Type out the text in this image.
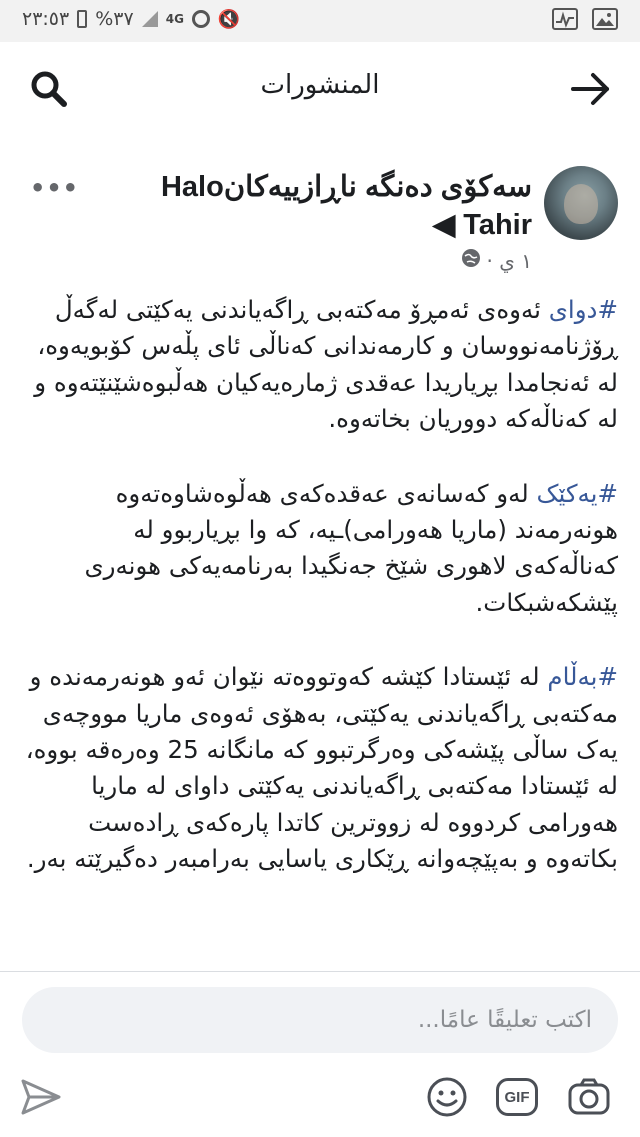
٢٣:٥٣ %٣٧	4G 🔇
المنشورات
سەکۆی دەنگە ناڕازییەکانHalo ◀ Tahir
١ ي ·
•••

#دوای ئەوەی ئەمڕۆ مەکتەبی ڕاگەیاندنی یەکێتی لەگەڵ ڕۆژنامەنووسان و کارمەندانی کەناڵی ئای پڵەس کۆبویەوە، لە ئەنجامدا بڕیاریدا عەقدی ژمارەیەکیان هەڵبوەشێنێتەوە و لە کەناڵەکە دووریان بخاتەوە.

#یەکێک لەو کەسانەی عەقدەکەی هەڵوەشاوەتەوە هونەرمەند (ماریا هەورامی)ـیە، کە وا بڕیاربوو لە کەناڵەکەی لاهوری شێخ جەنگیدا بەرنامەیەکی هونەری پێشکەشبکات.

#بەڵام لە ئێستادا کێشە کەوتووەتە نێوان ئەو هونەرمەندە و مەکتەبی ڕاگەیاندنی یەکێتی، بەهۆی ئەوەی ماریا مووچەی یەک ساڵی پێشەکی وەرگرتبوو کە مانگانە 25 وەرەقە بووە، لە ئێستادا مەکتەبی ڕاگەیاندنی یەکێتی داوای لە ماریا هەورامی کردووە لە زووترین کاتدا پارەکەی ڕادەست بکاتەوە و بەپێچەوانە ڕێکاری یاسایی بەرامبەر دەگیرێتە بەر.

اكتب تعليقًا عامًا...
GIF
